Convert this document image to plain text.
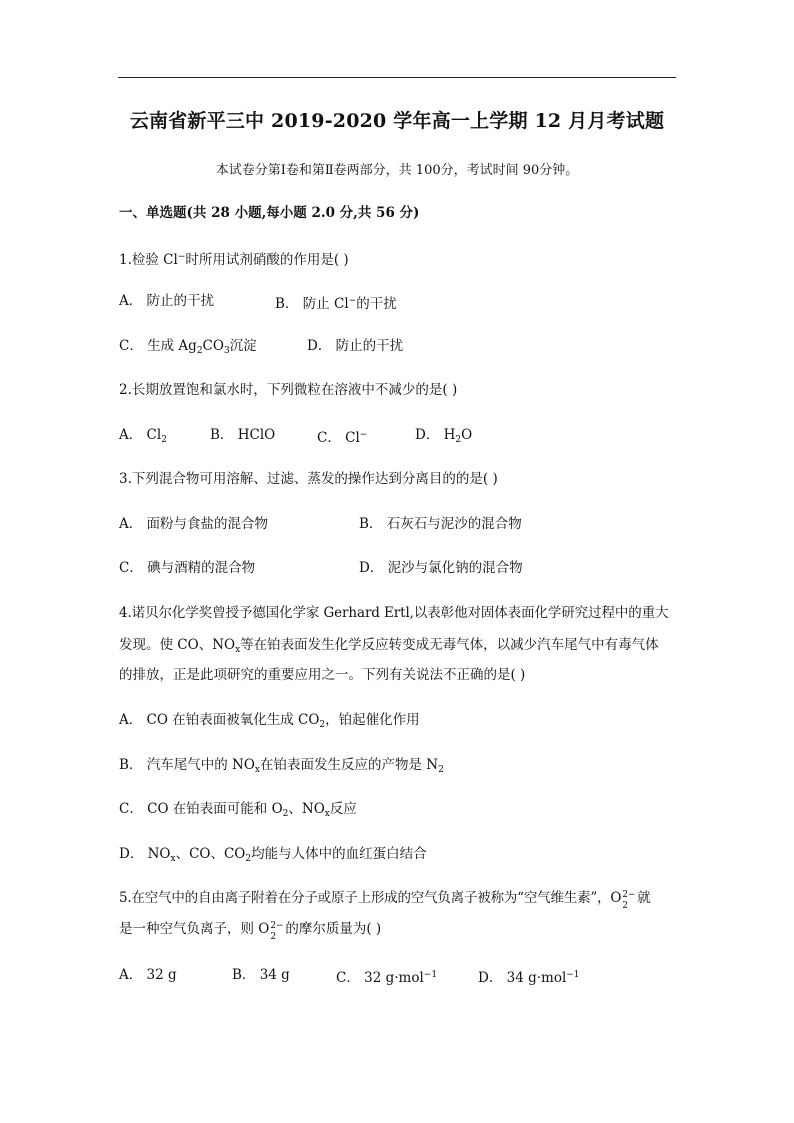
云南省新平三中 2019-2020 学年高一上学期 12 月月考试题
本试卷分第Ⅰ卷和第Ⅱ卷两部分，共 100分，考试时间 90分钟。
一、单选题(共 28 小题,每小题 2.0 分,共 56 分)
1.检验 Cl−时所用试剂硝酸的作用是( )
A． 防止的干扰	B． 防止 Cl−的干扰
C． 生成 $Ag_2CO_3$沉淀	D． 防止的干扰
2.长期放置饱和氯水时，下列微粒在溶液中不减少的是( )
A． $Cl_2$	B． HClO	C． Cl−	D． $H_2O$
3.下列混合物可用溶解、过滤、蒸发的操作达到分离目的的是( )
A． 面粉与食盐的混合物	B． 石灰石与泥沙的混合物
C． 碘与酒精的混合物	D． 泥沙与氯化钠的混合物
4.诺贝尔化学奖曾授予德国化学家 Gerhard Ertl,以表彰他对固体表面化学研究过程中的重大
发现。使 CO、$NO_x$等在铂表面发生化学反应转变成无毒气体，以减少汽车尾气中有毒气体
的排放，正是此项研究的重要应用之一。下列有关说法不正确的是( )
A． CO 在铂表面被氧化生成 $CO_2$，铂起催化作用
B． 汽车尾气中的 $NO_x$在铂表面发生反应的产物是 $N_2$
C． CO 在铂表面可能和 $O_2$、$NO_x$反应
D． $NO_x$、CO、$CO_2$均能与人体中的血红蛋白结合
5.在空气中的自由离子附着在分子或原子上形成的空气负离子被称为“空气维生素”，O 2−
2 就
是一种空气负离子，则 O 2−
2 的摩尔质量为( )
A． 32 g	B． 34 g	C． 32 g·mol$^{-1}$	D． 34 g·mol$^{-1}$
